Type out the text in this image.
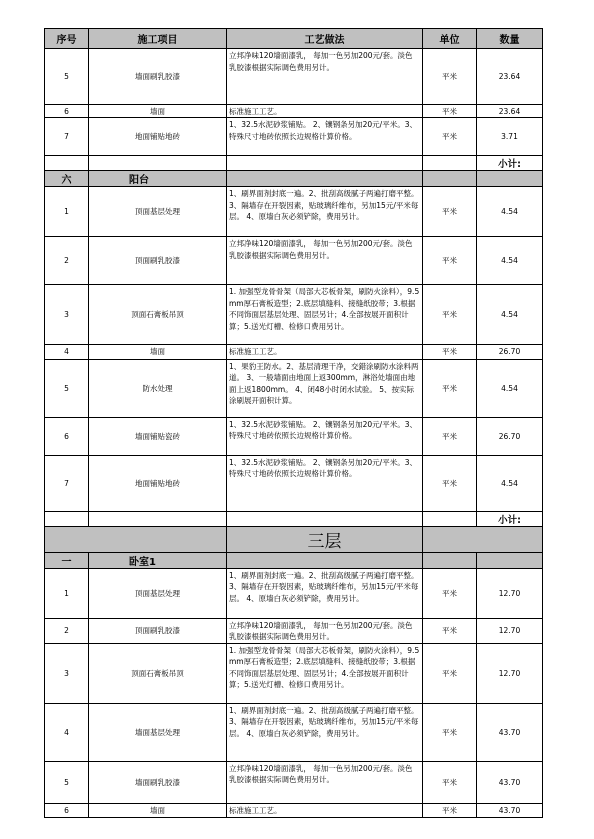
序号	施工项目	工艺做法	单位	数量
5	墙面刷乳胶漆	立邦净味120墙面漆乳， 每加一色另加200元/套。淡色乳胶漆根据实际调色费用另计。	平米	23.64
6	墙面	标准施工工艺。	平米	23.64
7	地面铺贴地砖	1、32.5水泥砂浆铺贴。 2、镶钢条另加20元/平米。3、特殊尺寸地砖依照长边规格计算价格。	平米	3.71
				小计:
六	阳台			
1	顶面基层处理	1、刷界面剂封底一遍。2、批刮高级腻子两遍打磨平整。3、隔墙存在开裂因素，贴玻璃纤维布，另加15元/平米每层。 4、原墙白灰必须铲除，费用另计。	平米	4.54
2	顶面刷乳胶漆	立邦净味120墙面漆乳， 每加一色另加200元/套。淡色乳胶漆根据实际调色费用另计。	平米	4.54
3	顶面石膏板吊顶	1. 加强型龙骨骨架（局部大芯板骨架，刷防火涂料），9.5mm厚石膏板造型；2.底层填缝料、接缝纸胶带；3.根据不同饰面层基层处理、固层另计；4.全部按展开面积计算；5.送光灯槽、检修口费用另计。	平米	4.54
4	墙面	标准施工工艺。	平米	26.70
5	防水处理	1、果豹王防水。2、基层清理干净，交錯涂刷防水涂料两道。 3、一般墙面由地面上返300mm，淋浴处墙面由地面上返1800mm。 4、闭48小时闭水试验。 5、按实际涂刷展开面积计算。	平米	4.54
6	墙面铺贴瓷砖	1、32.5水泥砂浆铺贴。 2、镶钢条另加20元/平米。3、特殊尺寸地砖依照长边规格计算价格。	平米	26.70
7	地面铺贴地砖	1、32.5水泥砂浆铺贴。 2、镶钢条另加20元/平米。3、特殊尺寸地砖依照长边规格计算价格。	平米	4.54
				小计:
		三层		
一	卧室1			
1	顶面基层处理	1、刷界面剂封底一遍。2、批刮高级腻子两遍打磨平整。3、隔墙存在开裂因素，贴玻璃纤维布，另加15元/平米每层。 4、原墙白灰必须铲除，费用另计。	平米	12.70
2	顶面刷乳胶漆	立邦净味120墙面漆乳， 每加一色另加200元/套。淡色乳胶漆根据实际调色费用另计。	平米	12.70
3	顶面石膏板吊顶	1. 加强型龙骨骨架（局部大芯板骨架，刷防火涂料），9.5mm厚石膏板造型；2.底层填缝料、接缝纸胶带；3.根据不同饰面层基层处理、固层另计；4.全部按展开面积计算；5.送光灯槽、检修口费用另计。	平米	12.70
4	墙面基层处理	1、刷界面剂封底一遍。2、批刮高级腻子两遍打磨平整。3、隔墙存在开裂因素，贴玻璃纤维布，另加15元/平米每层。 4、原墙白灰必须铲除，费用另计。	平米	43.70
5	墙面刷乳胶漆	立邦净味120墙面漆乳， 每加一色另加200元/套。淡色乳胶漆根据实际调色费用另计。	平米	43.70
6	墙面	标准施工工艺。	平米	43.70
